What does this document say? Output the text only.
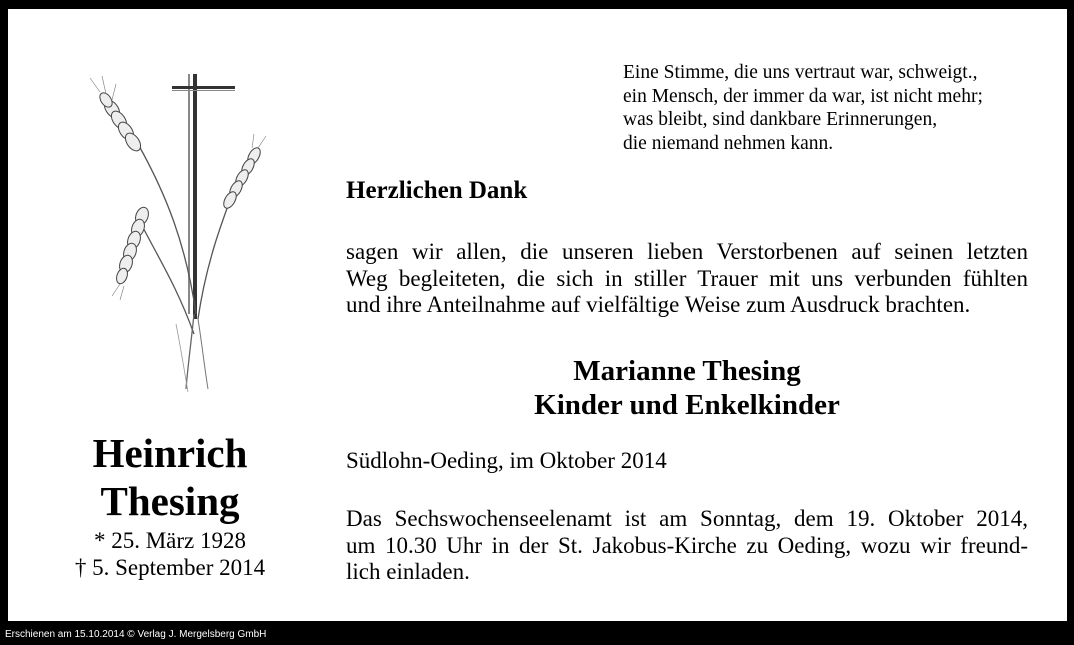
Eine Stimme, die uns vertraut war, schweigt.,
ein Mensch, der immer da war, ist nicht mehr;
was bleibt, sind dankbare Erinnerungen,
die niemand nehmen kann.
Herzlichen Dank
sagen wir allen, die unseren lieben Verstorbenen auf seinen letzten
Weg begleiteten, die sich in stiller Trauer mit uns verbunden fühlten
und ihre Anteilnahme auf vielfältige Weise zum Ausdruck brachten.
Marianne Thesing
Kinder und Enkelkinder
Südlohn-Oeding, im Oktober 2014
Das Sechswochenseelenamt ist am Sonntag, dem 19. Oktober 2014,
um 10.30 Uhr in der St. Jakobus-Kirche zu Oeding, wozu wir freund-
lich einladen.
Heinrich
Thesing
* 25. März 1928
† 5. September 2014
Erschienen am 15.10.2014 © Verlag J. Mergelsberg GmbH
